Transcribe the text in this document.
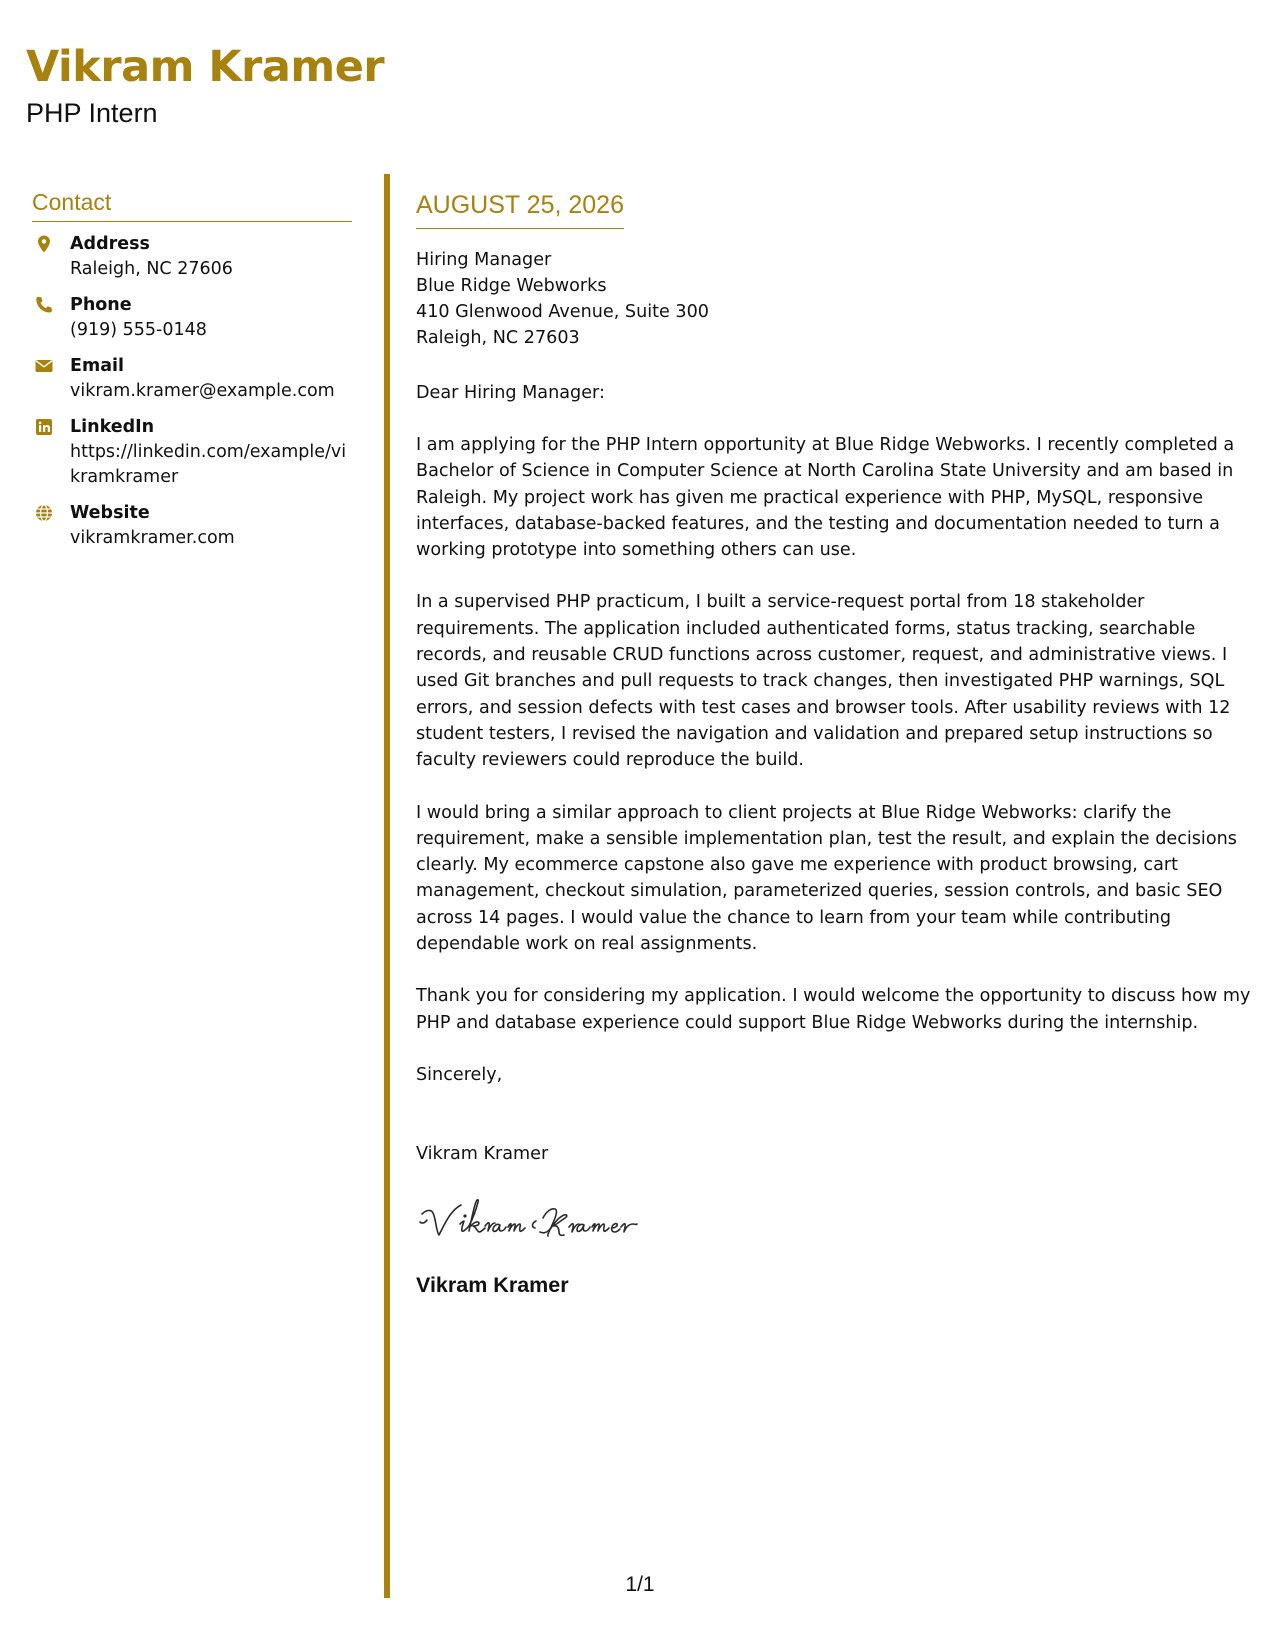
Vikram Kramer
PHP Intern
Contact
Address
Raleigh, NC 27606
Phone
(919) 555-0148
Email
vikram.kramer@example.com
LinkedIn
https://linkedin.com/example/vikramkramer
Website
vikramkramer.com
AUGUST 25, 2026
Hiring Manager
Blue Ridge Webworks
410 Glenwood Avenue, Suite 300
Raleigh, NC 27603
Dear Hiring Manager:

I am applying for the PHP Intern opportunity at Blue Ridge Webworks. I recently completed a Bachelor of Science in Computer Science at North Carolina State University and am based in Raleigh. My project work has given me practical experience with PHP, MySQL, responsive interfaces, database-backed features, and the testing and documentation needed to turn a working prototype into something others can use.

In a supervised PHP practicum, I built a service-request portal from 18 stakeholder requirements. The application included authenticated forms, status tracking, searchable records, and reusable CRUD functions across customer, request, and administrative views. I used Git branches and pull requests to track changes, then investigated PHP warnings, SQL errors, and session defects with test cases and browser tools. After usability reviews with 12 student testers, I revised the navigation and validation and prepared setup instructions so faculty reviewers could reproduce the build.

I would bring a similar approach to client projects at Blue Ridge Webworks: clarify the requirement, make a sensible implementation plan, test the result, and explain the decisions clearly. My ecommerce capstone also gave me experience with product browsing, cart management, checkout simulation, parameterized queries, session controls, and basic SEO across 14 pages. I would value the chance to learn from your team while contributing dependable work on real assignments.

Thank you for considering my application. I would welcome the opportunity to discuss how my PHP and database experience could support Blue Ridge Webworks during the internship.

Sincerely,
Vikram Kramer
Vikram Kramer
1/1
